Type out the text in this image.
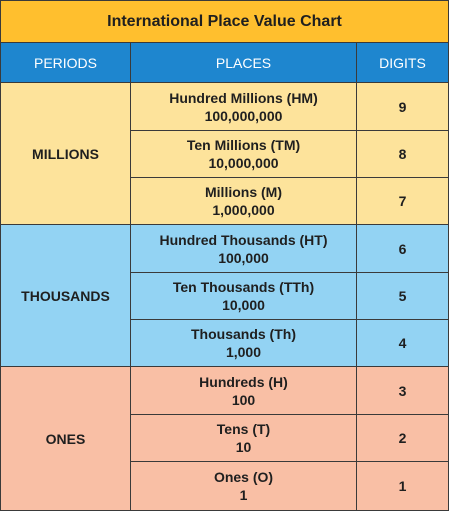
International Place Value Chart
PERIODS	PLACES	DIGITS
MILLIONS
Hundred Millions (HM)
100,000,000
9
Ten Millions (TM)
10,000,000
8
Millions (M)
1,000,000
7
THOUSANDS
Hundred Thousands (HT)
100,000
6
Ten Thousands (TTh)
10,000
5
Thousands (Th)
1,000
4
ONES
Hundreds (H)
100
3
Tens (T)
10
2
Ones (O)
1
1
